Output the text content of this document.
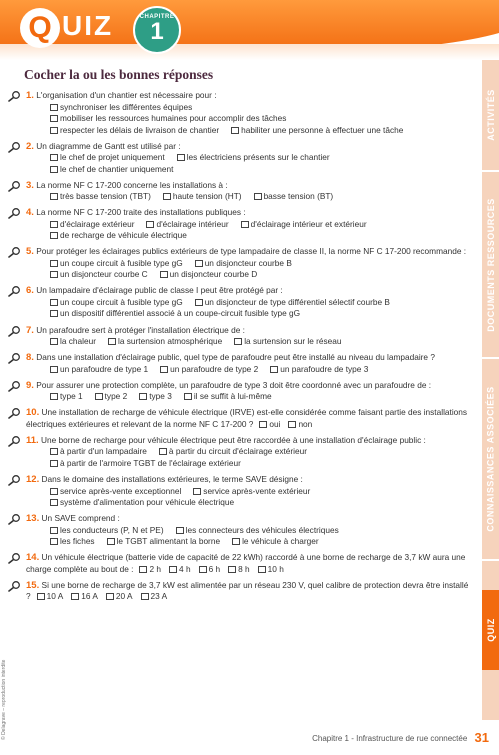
Q UIZ	CHAPITRE
1
ACTIVITÉS
DOCUMENTS RESSOURCES
CONNAISSANCES ASSOCIÉES
QUIZ
Cocher la ou les bonnes réponses
1. L'organisation d'un chantier est nécessaire pour :
synchroniser les différentes équipes
mobiliser les ressources humaines pour accomplir des tâches
respecter les délais de livraison de chantier	habiliter une personne à effectuer une tâche
2. Un diagramme de Gantt est utilisé par :
le chef de projet uniquement	les électriciens présents sur le chantier
le chef de chantier uniquement
3. La norme NF C 17-200 concerne les installations à :
très basse tension (TBT)	haute tension (HT)	basse tension (BT)
4. La norme NF C 17-200 traite des installations publiques :
d'éclairage extérieur	d'éclairage intérieur	d'éclairage intérieur et extérieur
de recharge de véhicule électrique
5. Pour protéger les éclairages publics extérieurs de type lampadaire de classe II, la norme NF C 17-200 recommande :
un coupe circuit à fusible type gG	un disjoncteur courbe B
un disjoncteur courbe C	un disjoncteur courbe D
6. Un lampadaire d'éclairage public de classe I peut être protégé par :
un coupe circuit à fusible type gG	un disjoncteur de type différentiel sélectif courbe B
un dispositif différentiel associé à un coupe-circuit fusible type gG
7. Un parafoudre sert à protéger l'installation électrique de :
la chaleur	la surtension atmosphérique	la surtension sur le réseau
8. Dans une installation d'éclairage public, quel type de parafoudre peut être installé au niveau du lampadaire ?
un parafoudre de type 1	un parafoudre de type 2	un parafoudre de type 3
9. Pour assurer une protection complète, un parafoudre de type 3 doit être coordonné avec un parafoudre de :
type 1	type 2	type 3	il se suffit à lui-même
10. Une installation de recharge de véhicule électrique (IRVE) est-elle considérée comme faisant partie des installations électriques extérieures et relevant de la norme NF C 17-200 ? oui non
11. Une borne de recharge pour véhicule électrique peut être raccordée à une installation d'éclairage public :
à partir d'un lampadaire	à partir du circuit d'éclairage extérieur
à partir de l'armoire TGBT de l'éclairage extérieur
12. Dans le domaine des installations extérieures, le terme SAVE désigne :
service après-vente exceptionnel	service après-vente extérieur
système d'alimentation pour véhicule électrique
13. Un SAVE comprend :
les conducteurs (P, N et PE)	les connecteurs des véhicules électriques
les fiches	le TGBT alimentant la borne	le véhicule à charger
14. Un véhicule électrique (batterie vide de capacité de 22 kWh) raccordé à une borne de recharge de 3,7 kW aura une charge complète au bout de : 2 h 4 h 6 h 8 h 10 h
15. Si une borne de recharge de 3,7 kW est alimentée par un réseau 230 V, quel calibre de protection devra être installé ? 10 A 16 A 20 A 23 A
Chapitre 1 - Infrastructure de rue connectée 31
© Delagrave – reproduction interdite
